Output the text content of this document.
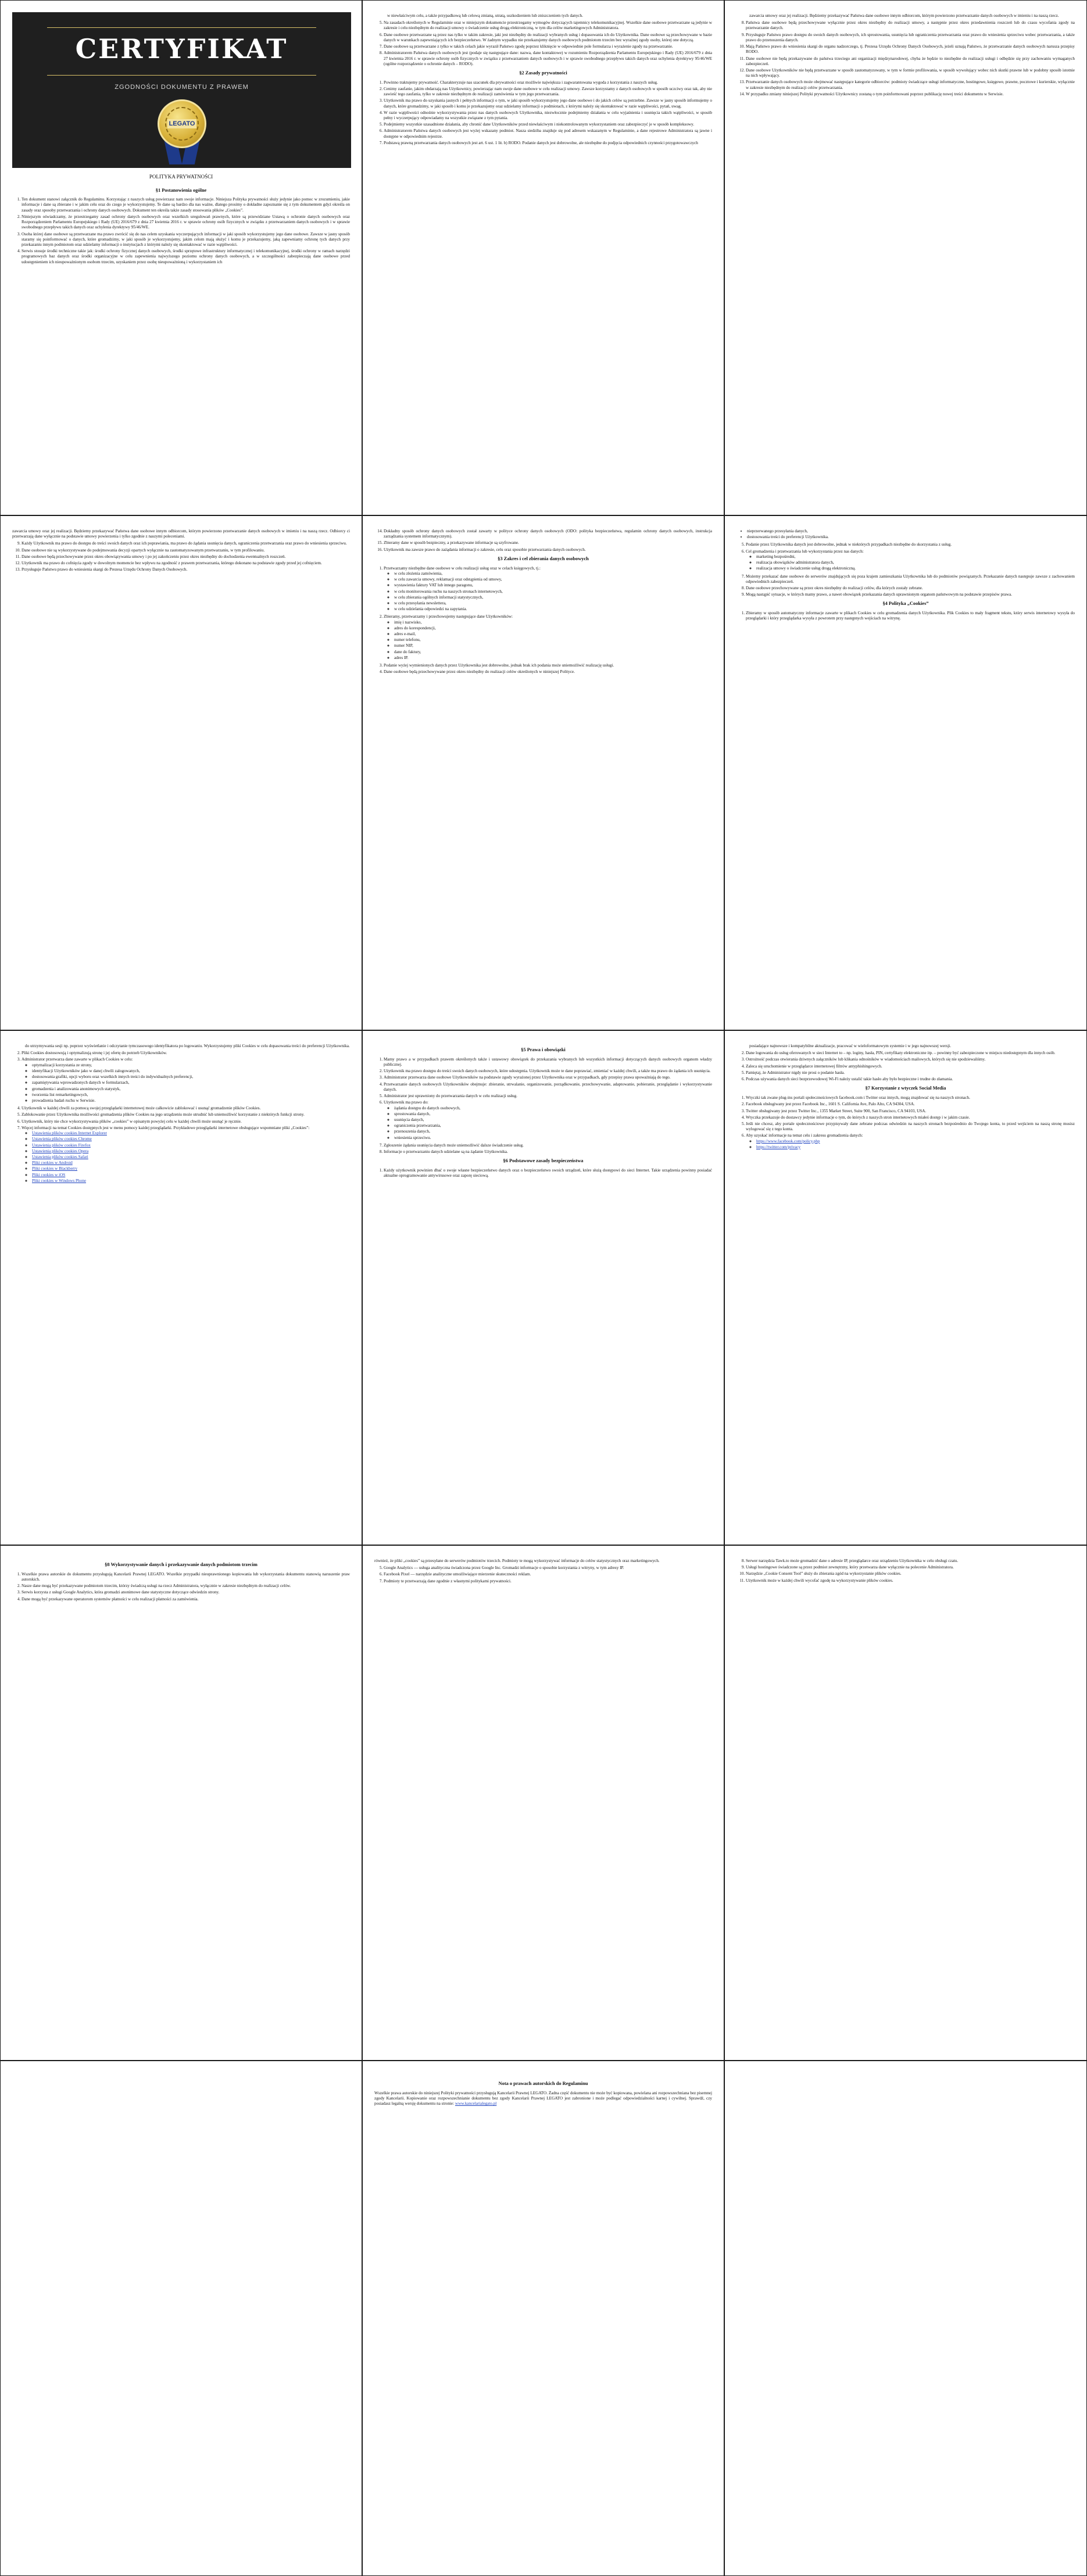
CERTYFIKAT
ZGODNOŚCI DOKUMENTU Z PRAWEM
LEGATO
POLITYKA PRYWATNOŚCI
§1 Postanowienia ogólne
1. Ten dokument stanowi załącznik do Regulaminu. Korzystając z naszych usług powierzasz nam swoje informacje. Niniejsza Polityka prywatności służy jedynie jako pomoc w zrozumieniu, jakie informacje i dane są zbierane i w jakim celu oraz do czego je wykorzystujemy. Te dane są bardzo dla nas ważne, dlatego prosimy o dokładne zapoznanie się z tym dokumentem gdyż określa on zasady oraz sposoby przetwarzania i ochrony danych osobowych. Dokument ten określa także zasady stosowania plików „Cookies”.
2. Niniejszym oświadczamy, że przestrzegamy zasad ochrony danych osobowych oraz wszelkich uregulowań prawnych, które są przewidziane Ustawą o ochronie danych osobowych oraz Rozporządzeniem Parlamentu Europejskiego i Rady (UE) 2016/679 z dnia 27 kwietnia 2016 r. w sprawie ochrony osób fizycznych w związku z przetwarzaniem danych osobowych i w sprawie swobodnego przepływu takich danych oraz uchylenia dyrektywy 95/46/WE.
3. Osoba której dane osobowe są przetwarzane ma prawo zwrócić się do nas celem uzyskania wyczerpujących informacji w jaki sposób wykorzystujemy jego dane osobowe. Zawsze w jasny sposób staramy się poinformować o danych, które gromadzimy, w jaki sposób je wykorzystujemy, jakim celom mają służyć i komu je przekazujemy, jaką zapewniamy ochronę tych danych przy przekazaniu innym podmiotom oraz udzielamy informacji o instytucjach z którymi należy się skontaktować w razie wątpliwości.
4. Serwis stosuje środki techniczne takie jak: środki ochrony fizycznej danych osobowych, środki sprzętowe infrastruktury informatycznej i telekomunikacyjnej, środki ochrony w ramach narzędzi programowych baz danych oraz środki organizacyjne w celu zapewnienia najwyższego poziomu ochrony danych osobowych, a w szczególności zabezpieczają dane osobowe przed udostępnieniem ich nieupoważnionym osobom trzecim, uzyskaniem przez osobę nieupoważnioną i wykorzystaniem ich

w niewłaściwym celu, a także przypadkową lub celową zmianą, utratą, uszkodzeniem lub zniszczeniem tych danych.

5. Na zasadach określonych w Regulaminie oraz w niniejszym dokumencie przestrzegamy wymogów dotyczących tajemnicy telekomunikacyjnej. Wszelkie dane osobowe przetwarzane są jedynie w zakresie i celu niezbędnym do realizacji umowy o świadczenie usług drogą elektroniczną, w tym dla celów marketingowych Administratora.
6. Dane osobowe przetwarzane są przez nas tylko w takim zakresie, jaki jest niezbędny do realizacji wybranych usług i dopasowania ich do Użytkownika. Dane osobowe są przechowywane w bazie danych w warunkach zapewniających ich bezpieczeństwo. W żadnym wypadku nie przekazujemy danych osobowych podmiotom trzecim bez wyraźnej zgody osoby, której one dotyczą.
7. Dane osobowe są przetwarzane z tylko w takich celach jakie wyraził Państwo zgodę poprzez kliknięcie w odpowiednie pole formularza i wyrażenie zgody na przetwarzanie.
8. Administratorem Państwa danych osobowych jest (podaje się następujące dane: nazwa, dane kontaktowe) w rozumieniu Rozporządzenia Parlamentu Europejskiego i Rady (UE) 2016/679 z dnia 27 kwietnia 2016 r. w sprawie ochrony osób fizycznych w związku z przetwarzaniem danych osobowych i w sprawie swobodnego przepływu takich danych oraz uchylenia dyrektywy 95/46/WE (ogólne rozporządzenie o ochronie danych – RODO).
§2 Zasady prywatności
1. Powinno traktujemy prywatność. Charakteryzuje nas szacunek dla prywatności oraz możliwie największa i zagwarantowana wygoda z korzystania z naszych usług.
2. Cenimy zaufanie, jakim obdarzają nas Użytkownicy, powierzając nam swoje dane osobowe w celu realizacji umowy. Zawsze korzystamy z danych osobowych w sposób uczciwy oraz tak, aby nie zawieść tego zaufania, tylko w zakresie niezbędnym do realizacji zamówienia w tym jego przetwarzania.
3. Użytkownik ma prawo do uzyskania jasnych i pełnych informacji o tym, w jaki sposób wykorzystujemy jego dane osobowe i do jakich celów są potrzebne. Zawsze w jasny sposób informujemy o danych, które gromadzimy, w jaki sposób i komu je przekazujemy oraz udzielamy informacji o podmiotach, z którymi należy się skontaktować w razie wątpliwości, pytań, uwag.
4. W razie wątpliwości odnośnie wykorzystywania przez nas danych osobowych Użytkownika, niezwłocznie podejmiemy działania w celu wyjaśnienia i usunięcia takich wątpliwości, w sposób pełny i wyczerpujący odpowiadamy na wszystkie związane z tym pytania.
5. Podejmiemy wszystkie uzasadnione działania, aby chronić dane Użytkowników przed niewłaściwym i niekontrolowanym wykorzystaniem oraz zabezpieczyć je w sposób kompleksowy.
6. Administratorem Państwa danych osobowych jest wyżej wskazany podmiot. Nasza siedziba znajduje się pod adresem wskazanym w Regulaminie, a dane rejestrowe Administratora są jawne i dostępne w odpowiednim rejestrze.
7. Podstawą prawną przetwarzania danych osobowych jest art. 6 ust. 1 lit. b) RODO. Podanie danych jest dobrowolne, ale niezbędne do podjęcia odpowiednich czynności przygotowawczych

zawarcia umowy oraz jej realizacji. Będziemy przekazywać Państwa dane osobowe innym odbiorcom, którym powierzono przetwarzanie danych osobowych w imieniu i na naszą rzecz.

8. Państwa dane osobowe będą przechowywane wyłącznie przez okres niezbędny do realizacji umowy, a następnie przez okres przedawnienia roszczeń lub do czasu wycofania zgody na przetwarzanie danych.
9. Przysługuje Państwu prawo dostępu do swoich danych osobowych, ich sprostowania, usunięcia lub ograniczenia przetwarzania oraz prawo do wniesienia sprzeciwu wobec przetwarzania, a także prawo do przenoszenia danych.
10. Mają Państwo prawo do wniesienia skargi do organu nadzorczego, tj. Prezesa Urzędu Ochrony Danych Osobowych, jeżeli uznają Państwo, że przetwarzanie danych osobowych narusza przepisy RODO.
11. Dane osobowe nie będą przekazywane do państwa trzeciego ani organizacji międzynarodowej, chyba że będzie to niezbędne do realizacji usługi i odbędzie się przy zachowaniu wymaganych zabezpieczeń.
12. Dane osobowe Użytkowników nie będą przetwarzane w sposób zautomatyzowany, w tym w formie profilowania, w sposób wywołujący wobec nich skutki prawne lub w podobny sposób istotnie na nich wpływający.
13. Przetwarzanie danych osobowych może obejmować następujące kategorie odbiorców: podmioty świadczące usługi informatyczne, hostingowe, księgowe, prawne, pocztowe i kurierskie, wyłącznie w zakresie niezbędnym do realizacji celów przetwarzania.
14. W przypadku zmiany niniejszej Polityki prywatności Użytkownicy zostaną o tym poinformowani poprzez publikację nowej treści dokumentu w Serwisie.

zawarcia umowy oraz jej realizacji. Będziemy przekazywać Państwa dane osobowe innym odbiorcom, którym powierzono przetwarzanie danych osobowych w imieniu i na naszą rzecz. Odbiorcy ci przetwarzają dane wyłącznie na podstawie umowy powierzenia i tylko zgodnie z naszymi poleceniami.

9. Każdy Użytkownik ma prawo do dostępu do treści swoich danych oraz ich poprawiania, ma prawo do żądania usunięcia danych, ograniczenia przetwarzania oraz prawo do wniesienia sprzeciwu.
10. Dane osobowe nie są wykorzystywane do podejmowania decyzji opartych wyłącznie na zautomatyzowanym przetwarzaniu, w tym profilowaniu.
11. Dane osobowe będą przechowywane przez okres obowiązywania umowy i po jej zakończeniu przez okres niezbędny do dochodzenia ewentualnych roszczeń.
12. Użytkownik ma prawo do cofnięcia zgody w dowolnym momencie bez wpływu na zgodność z prawem przetwarzania, którego dokonano na podstawie zgody przed jej cofnięciem.
13. Przysługuje Państwu prawo do wniesienia skargi do Prezesa Urzędu Ochrony Danych Osobowych.
14. Dokładny sposób ochrony danych osobowych został zawarty w polityce ochrony danych osobowych (ODO: polityka bezpieczeństwa, regulamin ochrony danych osobowych, instrukcja zarządzania systemem informatycznym).
15. Zbieramy dane w sposób bezpieczny, a przekazywane informacje są szyfrowane.
16. Użytkownik ma zawsze prawo do zażądania informacji o zakresie, celu oraz sposobie przetwarzania danych osobowych.
§3 Zakres i cel zbierania danych osobowych
1. Przetwarzamy niezbędne dane osobowe w celu realizacji usług oraz w celach księgowych, tj.:
◦ w celu złożenia zamówienia,
◦ w celu zawarcia umowy, reklamacji oraz odstąpienia od umowy,
◦ wystawienia faktury VAT lub innego paragonu,
◦ w celu monitorowania ruchu na naszych stronach internetowych,
◦ w celu zbierania ogólnych informacji statystycznych,
◦ w celu przesyłania newslettera,
◦ w celu udzielania odpowiedzi na zapytania.
2. Zbieramy, przetwarzamy i przechowujemy następujące dane Użytkowników:
◦ imię i nazwisko,
◦ adres do korespondencji,
◦ adres e-mail,
◦ numer telefonu,
◦ numer NIP,
◦ dane do faktury,
◦ adres IP.
3. Podanie wyżej wymienionych danych przez Użytkownika jest dobrowolne, jednak brak ich podania może uniemożliwić realizację usługi.
4. Dane osobowe będą przechowywane przez okres niezbędny do realizacji celów określonych w niniejszej Polityce.
• nieprzerwanego przesyłania danych,
• dostosowania treści do preferencji Użytkownika.
5. Podanie przez Użytkownika danych jest dobrowolne, jednak w niektórych przypadkach niezbędne do skorzystania z usług.
6. Cel gromadzenia i przetwarzania lub wykorzystania przez nas danych:
◦ marketing bezpośredni,
◦ realizacja obowiązków administratora danych,
◦ realizacja umowy o świadczenie usług drogą elektroniczną.
7. Możemy przekazać dane osobowe do serwerów znajdujących się poza krajem zamieszkania Użytkownika lub do podmiotów powiązanych. Przekazanie danych następuje zawsze z zachowaniem odpowiednich zabezpieczeń.
8. Dane osobowe przechowywane są przez okres niezbędny do realizacji celów, dla których zostały zebrane.
9. Mogą nastąpić sytuacje, w których mamy prawo, a nawet obowiązek przekazania danych uprawnionym organom państwowym na podstawie przepisów prawa.
§4 Polityka „Cookies”
1. Zbieramy w sposób automatyczny informacje zawarte w plikach Cookies w celu gromadzenia danych Użytkownika. Plik Cookies to mały fragment tekstu, który serwis internetowy wysyła do przeglądarki i który przeglądarka wysyła z powrotem przy następnych wejściach na witrynę.

do utrzymywania sesji np. poprzez wyświetlanie i odczytanie tymczasowego identyfikatora po logowaniu. Wykorzystujemy pliki Cookies w celu dopasowania treści do preferencji Użytkownika.

2. Pliki Cookies dostosowują i optymalizują stronę i jej ofertę do potrzeb Użytkowników.
3. Administrator przetwarza dane zawarte w plikach Cookies w celu:
◦ optymalizacji korzystania ze strony,
◦ identyfikacji Użytkowników jako w danej chwili zalogowanych,
◦ dostosowania grafiki, opcji wyboru oraz wszelkich innych treści do indywidualnych preferencji,
◦ zapamiętywania wprowadzonych danych w formularzach,
◦ gromadzenia i analizowania anonimowych statystyk,
◦ tworzenia list remarketingowych,
◦ prowadzenia badań ruchu w Serwisie.
4. Użytkownik w każdej chwili za pomocą swojej przeglądarki internetowej może całkowicie zablokować i usunąć gromadzenie plików Cookies.
5. Zablokowanie przez Użytkownika możliwości gromadzenia plików Cookies na jego urządzeniu może utrudnić lub uniemożliwić korzystanie z niektórych funkcji strony.
6. Użytkownik, który nie chce wykorzystywania plików „cookies” w opisanym powyżej celu w każdej chwili może usunąć je ręcznie.
7. Więcej informacji na temat Cookies dostępnych jest w menu pomocy każdej przeglądarki. Przykładowe przeglądarki internetowe obsługujące wspomniane pliki „Cookies”:
◦ Ustawienia plików cookies Internet Explorer
◦ Ustawienia plików cookies Chrome
◦ Ustawienia plików cookies Firefox
◦ Ustawienia plików cookies Opera
◦ Ustawienia plików cookies Safari
◦ Pliki cookies w Android
◦ Pliki cookies w Blackberry
◦ Pliki cookies w iOS
◦ Pliki cookies w Windows Phone
§5 Prawa i obowiązki
1. Mamy prawo a w przypadkach prawem określonych także i ustawowy obowiązek do przekazania wybranych lub wszystkich informacji dotyczących danych osobowych organom władzy publicznej.
2. Użytkownik ma prawo dostępu do treści swoich danych osobowych, które udostępnia. Użytkownik może te dane poprawiać, zmieniać w każdej chwili, a także ma prawo do żądania ich usunięcia.
3. Administrator przetwarza dane osobowe Użytkowników na podstawie zgody wyrażonej przez Użytkownika oraz w przypadkach, gdy przepisy prawa upoważniają do tego.
4. Przetwarzanie danych osobowych Użytkowników obejmuje: zbieranie, utrwalanie, organizowanie, porządkowanie, przechowywanie, adaptowanie, pobieranie, przeglądanie i wykorzystywanie danych.
5. Administrator jest uprawniony do przetwarzania danych w celu realizacji usług.
6. Użytkownik ma prawo do:
◦ żądania dostępu do danych osobowych,
◦ sprostowania danych,
◦ usunięcia danych,
◦ ograniczenia przetwarzania,
◦ przenoszenia danych,
◦ wniesienia sprzeciwu.
7. Zgłoszenie żądania usunięcia danych może uniemożliwić dalsze świadczenie usług.
8. Informacje o przetwarzaniu danych udzielane są na żądanie Użytkownika.
§6 Podstawowe zasady bezpieczeństwa
1. Każdy użytkownik powinien dbać o swoje własne bezpieczeństwo danych oraz o bezpieczeństwo swoich urządzeń, które służą dostępowi do sieci Internet. Takie urządzenia powinny posiadać aktualne oprogramowanie antywirusowe oraz zaporę sieciową.

posiadające najnowsze i kompatybilne aktualizacje, pracować w wieloformatowym systemie i w jego najnowszej wersji.

2. Dane logowania do usług oferowanych w sieci Internet to – np. loginy, hasła, PIN, certyfikaty elektroniczne itp. – powinny być zabezpieczone w miejscu niedostępnym dla innych osób.
3. Ostrożność podczas otwierania dziwnych załączników lub klikania odnośników w wiadomościach mailowych, których się nie spodziewaliśmy.
4. Zaleca się uruchomienie w przeglądarce internetowej filtrów antyphishingowych.
5. Pamiętaj, że Administrator nigdy nie prosi o podanie hasła.
6. Podczas używania danych sieci bezprzewodowej Wi-Fi należy ustalić takie hasło aby było bezpieczne i trudne do złamania.
§7 Korzystanie z wtyczek Social Media
1. Wtyczki tak zwane plug-ins portali społecznościowych facebook.com i Twitter oraz innych, mogą znajdować się na naszych stronach.
2. Facebook obsługiwany jest przez Facebook Inc., 1601 S. California Ave, Palo Alto, CA 94304, USA.
3. Twitter obsługiwany jest przez Twitter Inc., 1355 Market Street, Suite 900, San Francisco, CA 94103, USA.
4. Wtyczka przekazuje do dostawcy jedynie informacje o tym, do których z naszych stron internetowych miałeś dostęp i w jakim czasie.
5. Jeśli nie chcesz, aby portale społecznościowe przypisywały dane zebrane podczas odwiedzin na naszych stronach bezpośrednio do Twojego konta, to przed wejściem na naszą stronę musisz wylogować się z tego konta.
6. Aby uzyskać informacje na temat celu i zakresu gromadzenia danych:
◦ https://www.facebook.com/policy.php
◦ https://twitter.com/privacy
§8 Wykorzystywanie danych i przekazywanie danych podmiotom trzecim
1. Wszelkie prawa autorskie do dokumentu przysługują Kancelarii Prawnej LEGATO. Wszelkie przypadki nieuprawnionego kopiowania lub wykorzystania dokumentu stanowią naruszenie praw autorskich.
2. Nasze dane mogą być przekazywane podmiotom trzecim, którzy świadczą usługi na rzecz Administratora, wyłącznie w zakresie niezbędnym do realizacji celów.
3. Serwis korzysta z usługi Google Analytics, która gromadzi anonimowe dane statystyczne dotyczące odwiedzin strony.
4. Dane mogą być przekazywane operatorom systemów płatności w celu realizacji płatności za zamówienia.

również, że pliki „cookies” są przesyłane do serwerów podmiotów trzecich. Podmioty te mogą wykorzystywać informacje do celów statystycznych oraz marketingowych.

5. Google Analytics — usługa analityczna świadczona przez Google Inc. Gromadzi informacje o sposobie korzystania z witryny, w tym adresy IP.
6. Facebook Pixel — narzędzie analityczne umożliwiające mierzenie skuteczności reklam.
7. Podmioty te przetwarzają dane zgodnie z własnymi politykami prywatności.
8. Serwer narzędzia Tawk.to może gromadzić dane o adresie IP, przeglądarce oraz urządzeniu Użytkownika w celu obsługi czatu.
9. Usługi hostingowe świadczone są przez podmiot zewnętrzny, który przetwarza dane wyłącznie na polecenie Administratora.
10. Narzędzie „Cookie Consent Tool” służy do zbierania zgód na wykorzystanie plików cookies.
11. Użytkownik może w każdej chwili wycofać zgodę na wykorzystywanie plików cookies.
Nota o prawach autorskich do Regulaminu

Wszelkie prawa autorskie do niniejszej Polityki prywatności przysługują Kancelarii Prawnej LEGATO. Żadna część dokumentu nie może być kopiowana, powielana ani rozpowszechniana bez pisemnej zgody Kancelarii. Kopiowanie oraz rozpowszechnianie dokumentu bez zgody Kancelarii Prawnej LEGATO jest zabronione i może podlegać odpowiedzialności karnej i cywilnej. Sprawdź, czy posiadasz legalną wersję dokumentu na stronie: www.kancelarialegato.pl
